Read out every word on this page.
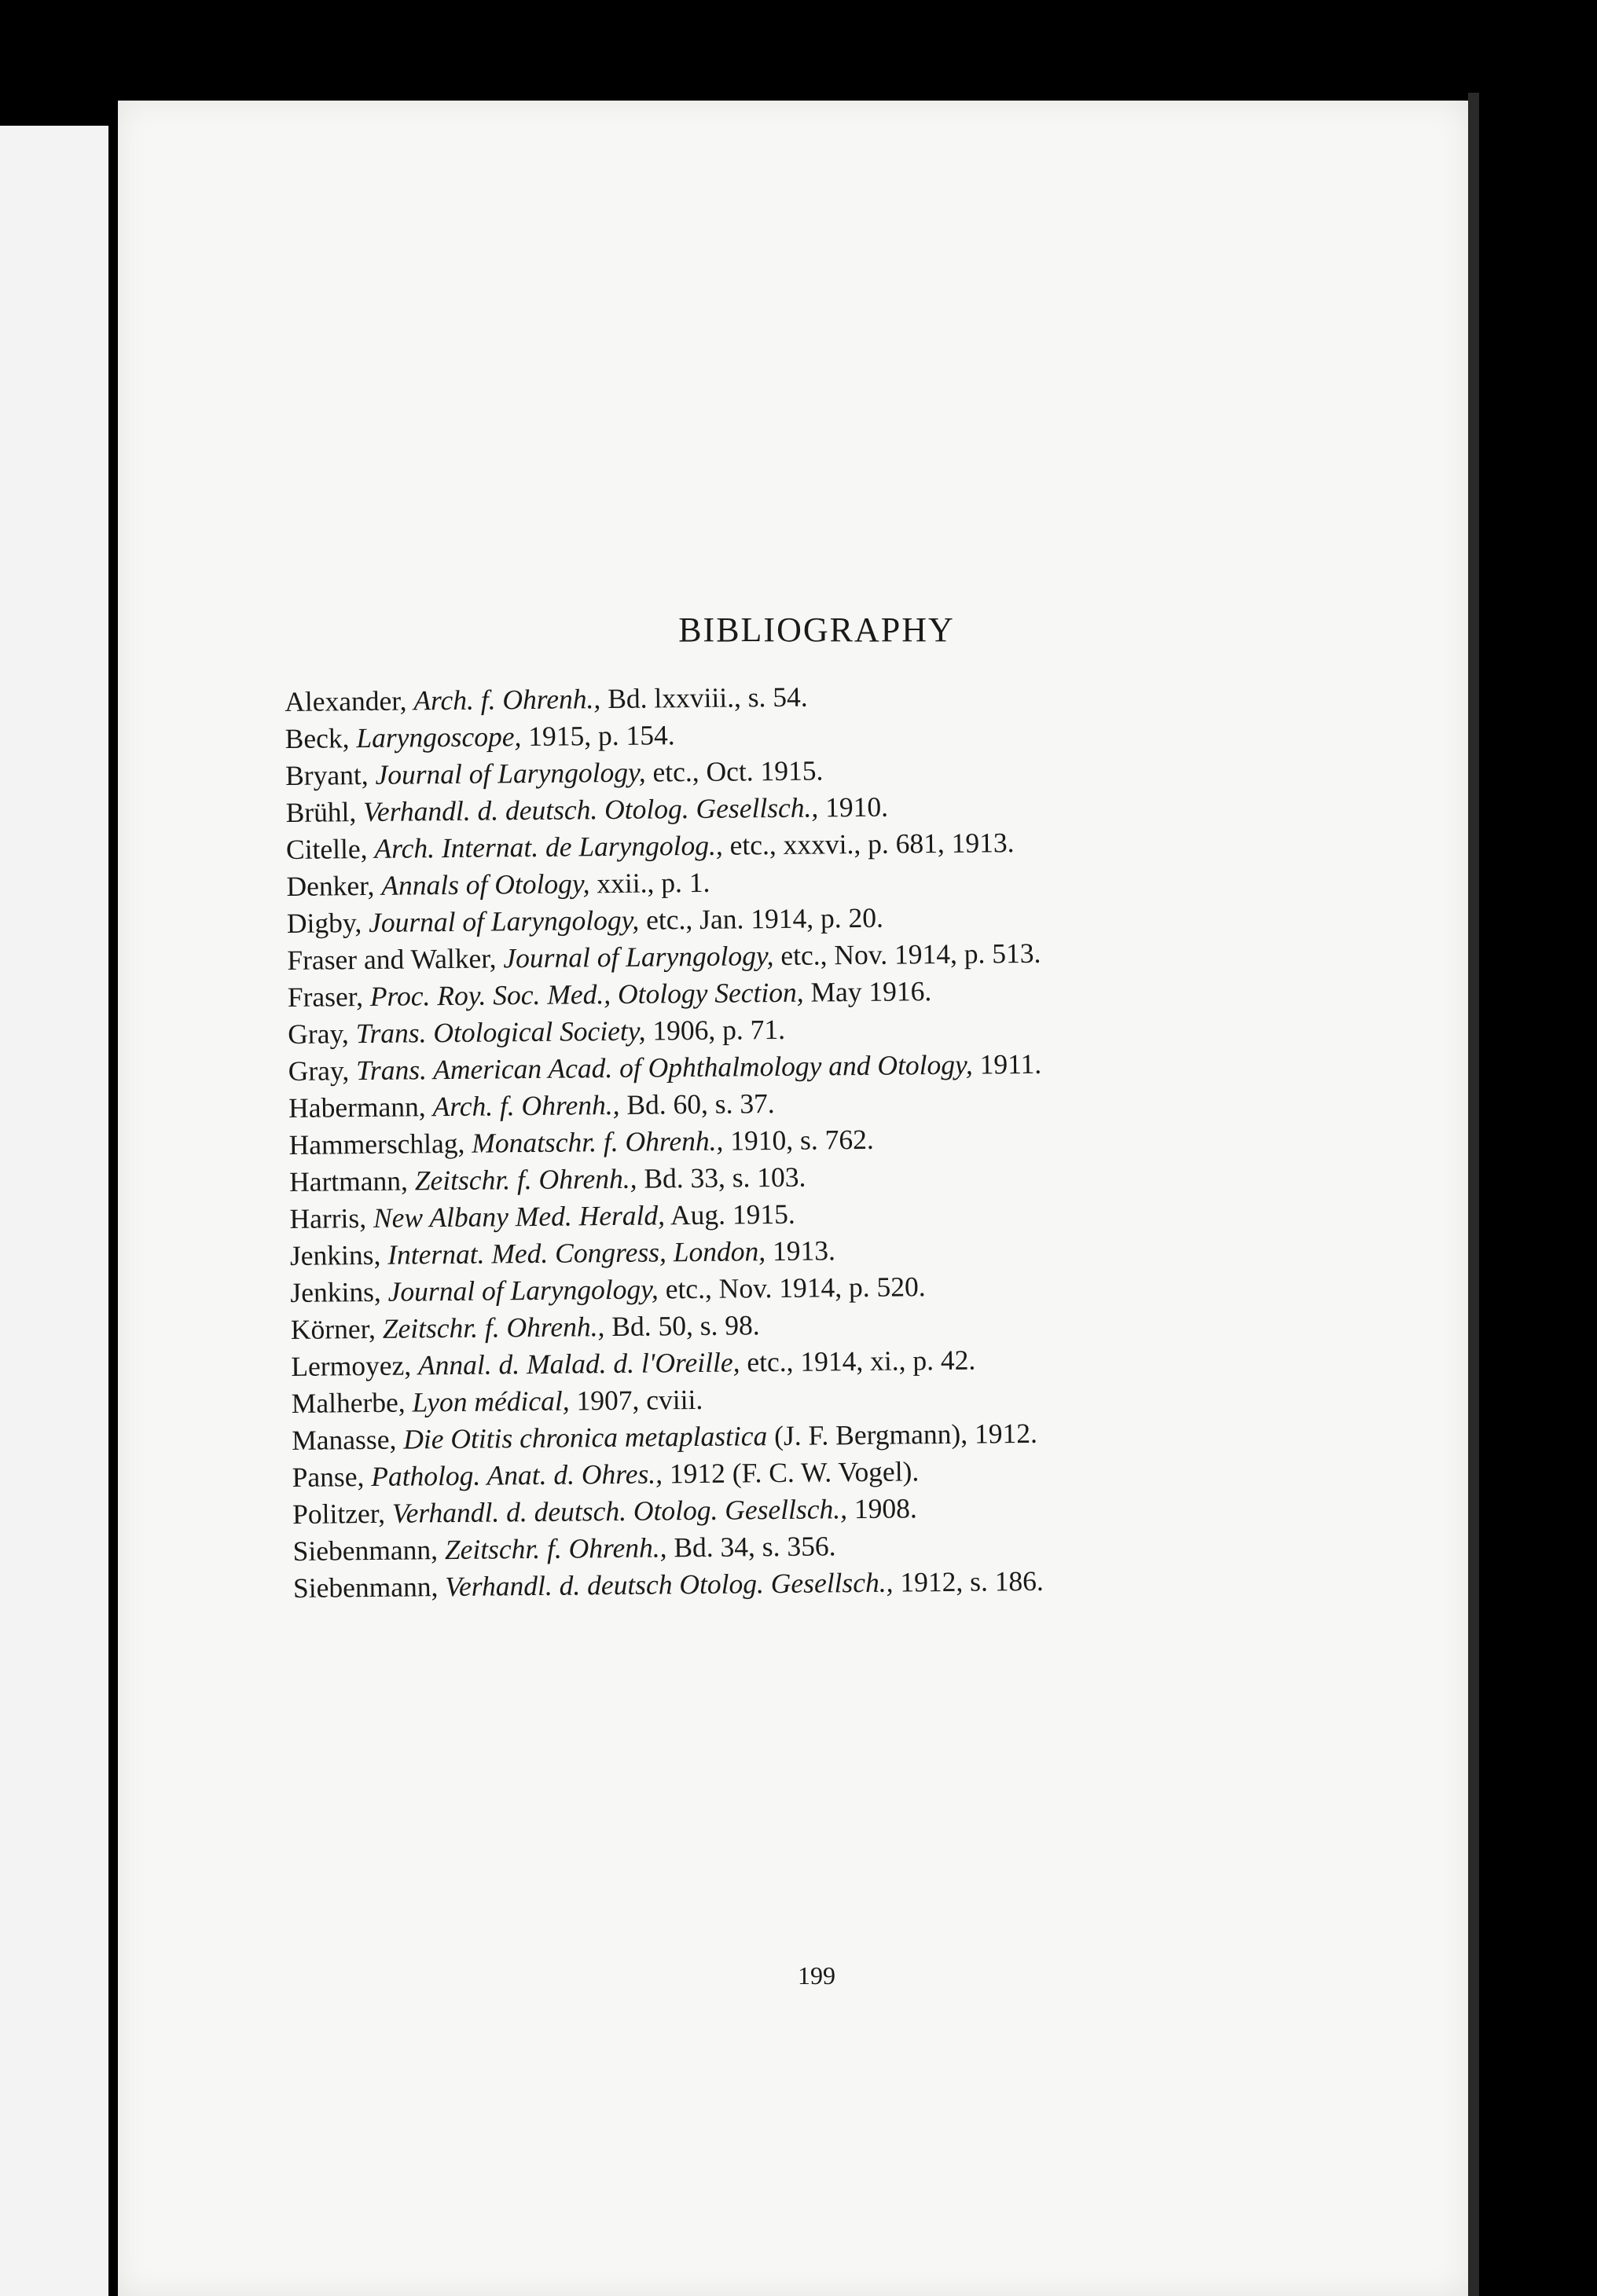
BIBLIOGRAPHY
Alexander, Arch. f. Ohrenh., Bd. lxxviii., s. 54.
Beck, Laryngoscope, 1915, p. 154.
Bryant, Journal of Laryngology, etc., Oct. 1915.
Brühl, Verhandl. d. deutsch. Otolog. Gesellsch., 1910.
Citelle, Arch. Internat. de Laryngolog., etc., xxxvi., p. 681, 1913.
Denker, Annals of Otology, xxii., p. 1.
Digby, Journal of Laryngology, etc., Jan. 1914, p. 20.
Fraser and Walker, Journal of Laryngology, etc., Nov. 1914, p. 513.
Fraser, Proc. Roy. Soc. Med., Otology Section, May 1916.
Gray, Trans. Otological Society, 1906, p. 71.
Gray, Trans. American Acad. of Ophthalmology and Otology, 1911.
Habermann, Arch. f. Ohrenh., Bd. 60, s. 37.
Hammerschlag, Monatschr. f. Ohrenh., 1910, s. 762.
Hartmann, Zeitschr. f. Ohrenh., Bd. 33, s. 103.
Harris, New Albany Med. Herald, Aug. 1915.
Jenkins, Internat. Med. Congress, London, 1913.
Jenkins, Journal of Laryngology, etc., Nov. 1914, p. 520.
Körner, Zeitschr. f. Ohrenh., Bd. 50, s. 98.
Lermoyez, Annal. d. Malad. d. l'Oreille, etc., 1914, xi., p. 42.
Malherbe, Lyon médical, 1907, cviii.
Manasse, Die Otitis chronica metaplastica (J. F. Bergmann), 1912.
Panse, Patholog. Anat. d. Ohres., 1912 (F. C. W. Vogel).
Politzer, Verhandl. d. deutsch. Otolog. Gesellsch., 1908.
Siebenmann, Zeitschr. f. Ohrenh., Bd. 34, s. 356.
Siebenmann, Verhandl. d. deutsch Otolog. Gesellsch., 1912, s. 186.
199
